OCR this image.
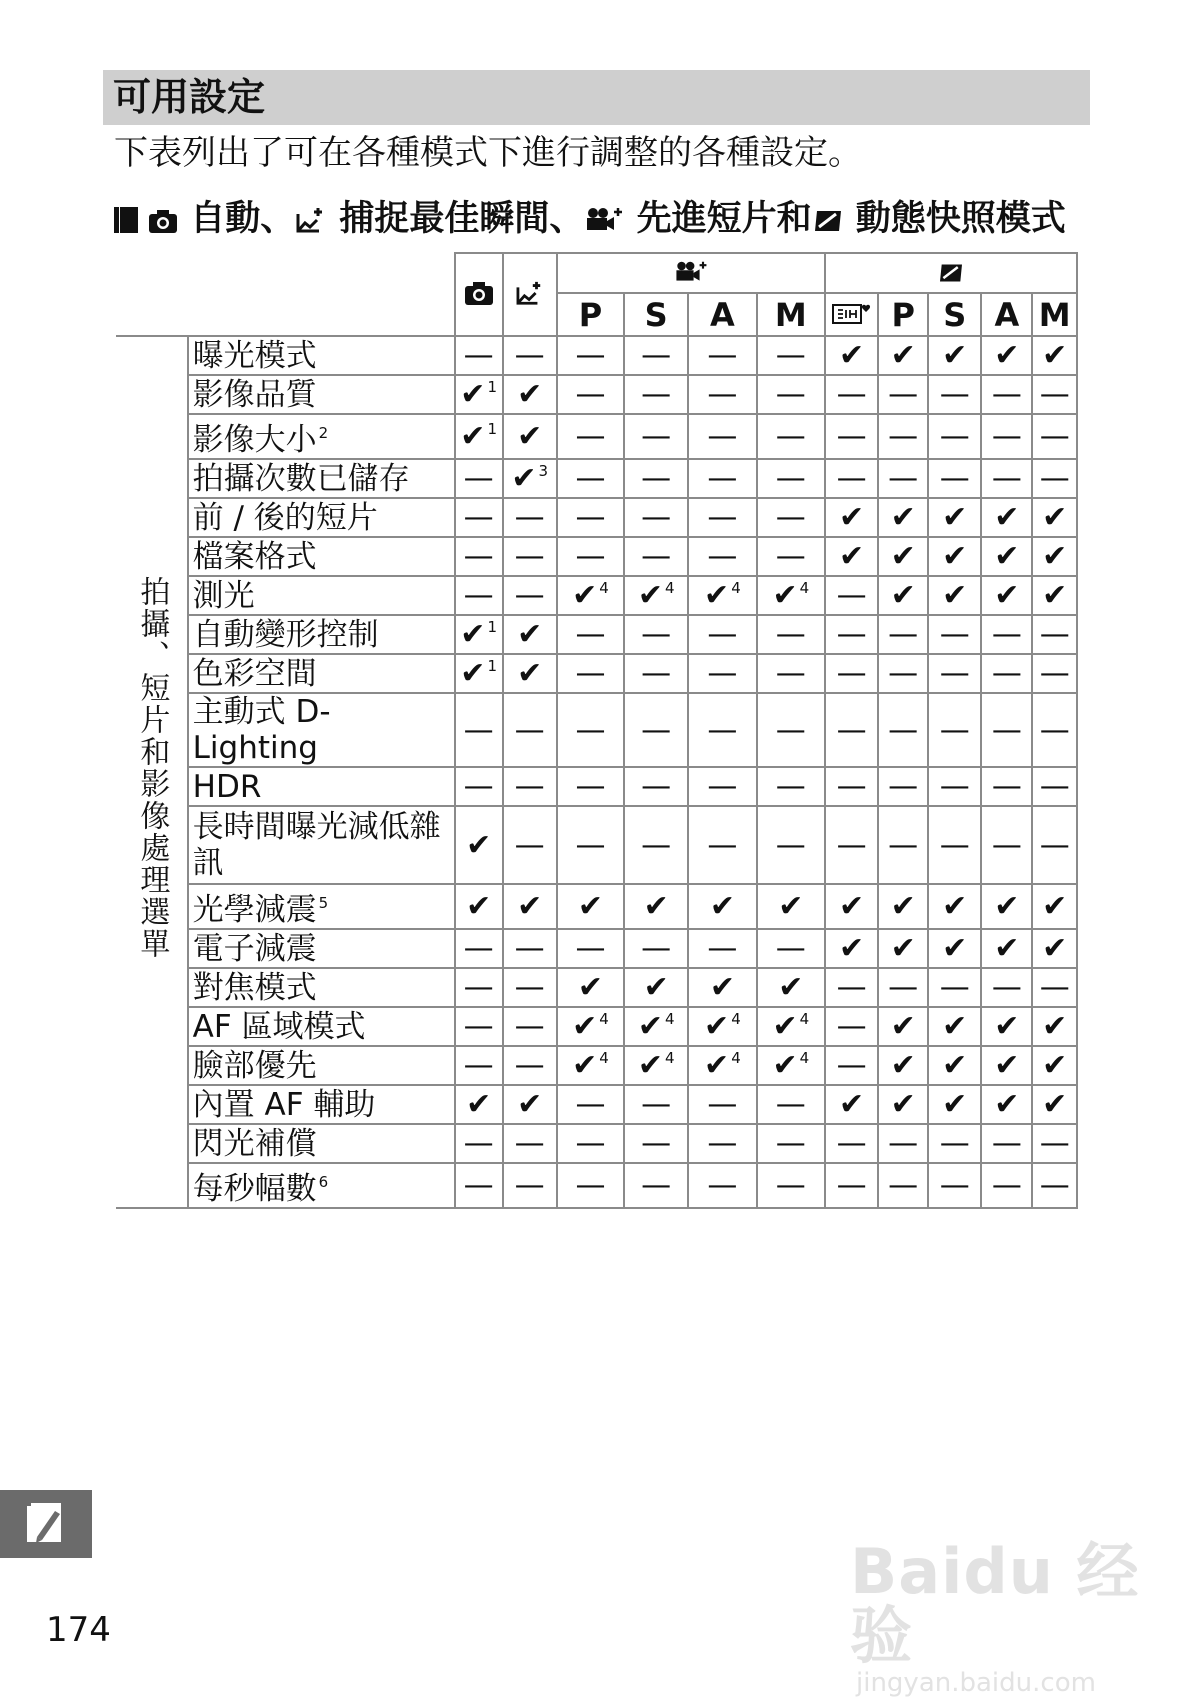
可用設定
下表列出了可在各種模式下進行調整的各種設定。
自動、 捕捉最佳瞬間、 先進短片和 動態快照模式

				P	S	A	M		P	S	A	M
拍攝、短片和影像處理選單	曝光模式	—	—	—	—	—	—	✔	✔	✔	✔	✔
	影像品質	✔ $^1$	✔	—	—	—	—	—	—	—	—	—
	影像大小 $^2$	✔ $^1$	✔	—	—	—	—	—	—	—	—	—
	拍攝次數已儲存	—	✔ $^3$	—	—	—	—	—	—	—	—	—
	前 / 後的短片	—	—	—	—	—	—	✔	✔	✔	✔	✔
	檔案格式	—	—	—	—	—	—	✔	✔	✔	✔	✔
	測光	—	—	✔ $^4$	✔ $^4$	✔ $^4$	✔ $^4$	—	✔	✔	✔	✔
	自動變形控制	✔ $^1$	✔	—	—	—	—	—	—	—	—	—
	色彩空間	✔ $^1$	✔	—	—	—	—	—	—	—	—	—
	主動式 D-Lighting	—	—	—	—	—	—	—	—	—	—	—
	HDR	—	—	—	—	—	—	—	—	—	—	—
	長時間曝光減低雜訊	✔	—	—	—	—	—	—	—	—	—	—
	光學減震 $^5$	✔	✔	✔	✔	✔	✔	✔	✔	✔	✔	✔
	電子減震	—	—	—	—	—	—	✔	✔	✔	✔	✔
	對焦模式	—	—	✔	✔	✔	✔	—	—	—	—	—
	AF 區域模式	—	—	✔ $^4$	✔ $^4$	✔ $^4$	✔ $^4$	—	✔	✔	✔	✔
	臉部優先	—	—	✔ $^4$	✔ $^4$	✔ $^4$	✔ $^4$	—	✔	✔	✔	✔
	內置 AF 輔助	✔	✔	—	—	—	—	✔	✔	✔	✔	✔
	閃光補償	—	—	—	—	—	—	—	—	—	—	—
	每秒幅數 $^6$	—	—	—	—	—	—	—	—	—	—	—
174
Baidu 经验
jingyan.baidu.com
